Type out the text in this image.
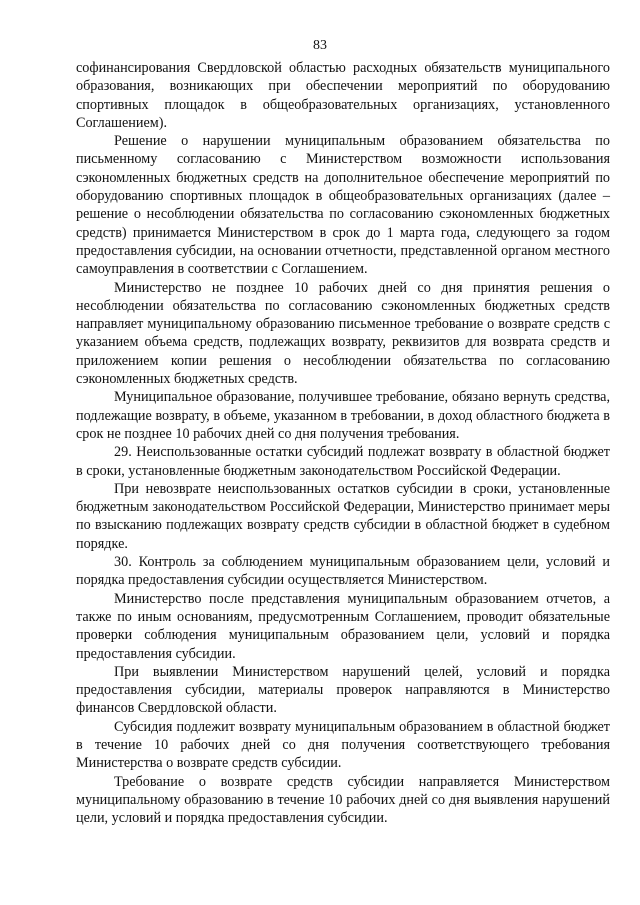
83

софинансирования Свердловской областью расходных обязательств муниципального образования, возникающих при обеспечении мероприятий по оборудованию спортивных площадок в общеобразовательных организациях, установленного Соглашением).

Решение о нарушении муниципальным образованием обязательства по письменному согласованию с Министерством возможности использования сэкономленных бюджетных средств на дополнительное обеспечение мероприятий по оборудованию спортивных площадок в общеобразовательных организациях (далее – решение о несоблюдении обязательства по согласованию сэкономленных бюджетных средств) принимается Министерством в срок до 1 марта года, следующего за годом предоставления субсидии, на основании отчетности, представленной органом местного самоуправления в соответствии с Соглашением.

Министерство не позднее 10 рабочих дней со дня принятия решения о несоблюдении обязательства по согласованию сэкономленных бюджетных средств направляет муниципальному образованию письменное требование о возврате средств с указанием объема средств, подлежащих возврату, реквизитов для возврата средств и приложением копии решения о несоблюдении обязательства по согласованию сэкономленных бюджетных средств.

Муниципальное образование, получившее требование, обязано вернуть средства, подлежащие возврату, в объеме, указанном в требовании, в доход областного бюджета в срок не позднее 10 рабочих дней со дня получения требования.

29. Неиспользованные остатки субсидий подлежат возврату в областной бюджет в сроки, установленные бюджетным законодательством Российской Федерации.

При невозврате неиспользованных остатков субсидии в сроки, установленные бюджетным законодательством Российской Федерации, Министерство принимает меры по взысканию подлежащих возврату средств субсидии в областной бюджет в судебном порядке.

30. Контроль за соблюдением муниципальным образованием цели, условий и порядка предоставления субсидии осуществляется Министерством.

Министерство после представления муниципальным образованием отчетов, а также по иным основаниям, предусмотренным Соглашением, проводит обязательные проверки соблюдения муниципальным образованием цели, условий и порядка предоставления субсидии.

При выявлении Министерством нарушений целей, условий и порядка предоставления субсидии, материалы проверок направляются в Министерство финансов Свердловской области.

Субсидия подлежит возврату муниципальным образованием в областной бюджет в течение 10 рабочих дней со дня получения соответствующего требования Министерства о возврате средств субсидии.

Требование о возврате средств субсидии направляется Министерством муниципальному образованию в течение 10 рабочих дней со дня выявления нарушений цели, условий и порядка предоставления субсидии.
